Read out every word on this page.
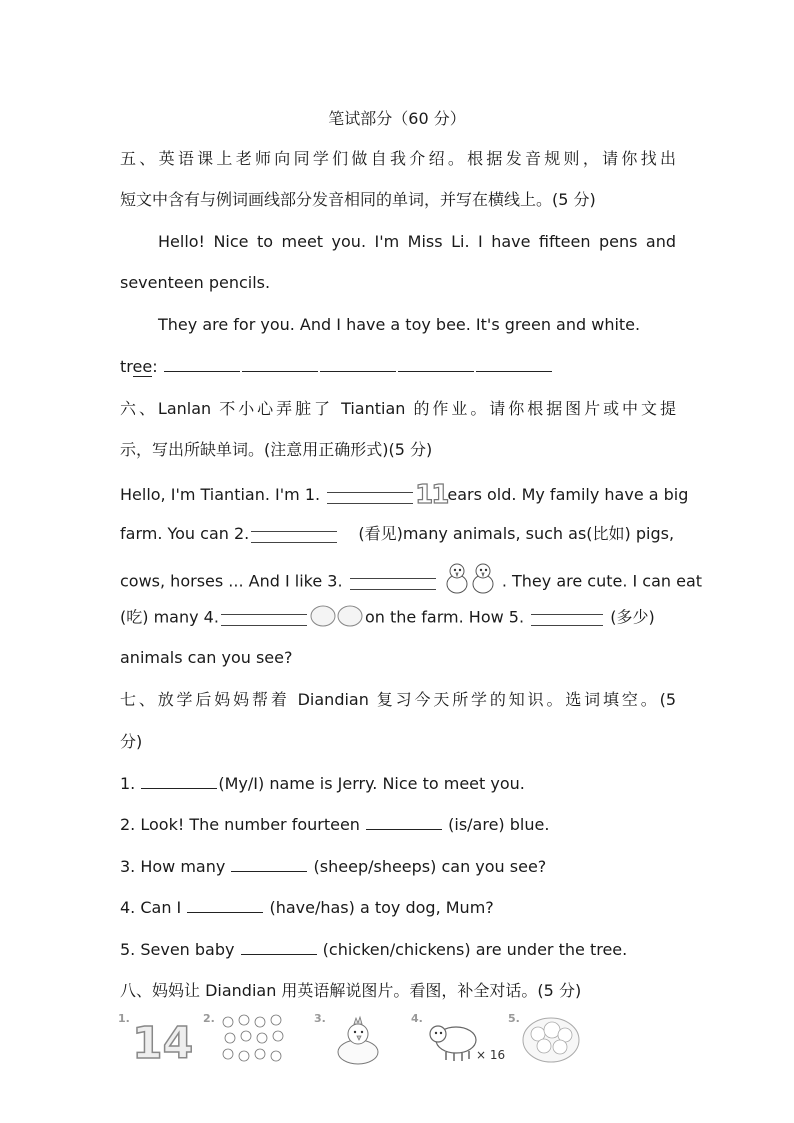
笔试部分（60 分）
五、英语课上老师向同学们做自我介绍。根据发音规则，请你找出
短文中含有与例词画线部分发音相同的单词，并写在横线上。(5 分)
Hello! Nice to meet you. I'm Miss Li. I have fifteen pens and
seventeen pencils.
They are for you. And I have a toy bee. It's green and white.
tree:
六、Lanlan 不小心弄脏了 Tiantian 的作业。请你根据图片或中文提
示，写出所缺单词。(注意用正确形式)(5 分)
Hello, I'm Tiantian. I'm 1.	11ears old. My family have a big
farm. You can 2.	(看见)many animals, such as(比如) pigs,
cows, horses ... And I like 3.	. They are cute. I can eat
(吃) many 4.	on the farm. How 5.	(多少)
animals can you see?
七、放学后妈妈帮着 Diandian 复习今天所学的知识。选词填空。(5
分)
1.	(My/I) name is Jerry. Nice to meet you.
2. Look! The number fourteen	(is/are) blue.
3. How many	(sheep/sheeps) can you see?
4. Can I	(have/has) a toy dog, Mum?
5. Seven baby	(chicken/chickens) are under the tree.
八、妈妈让 Diandian 用英语解说图片。看图，补全对话。(5 分)
1. 14 2.	3.	4.
× 16
5.
